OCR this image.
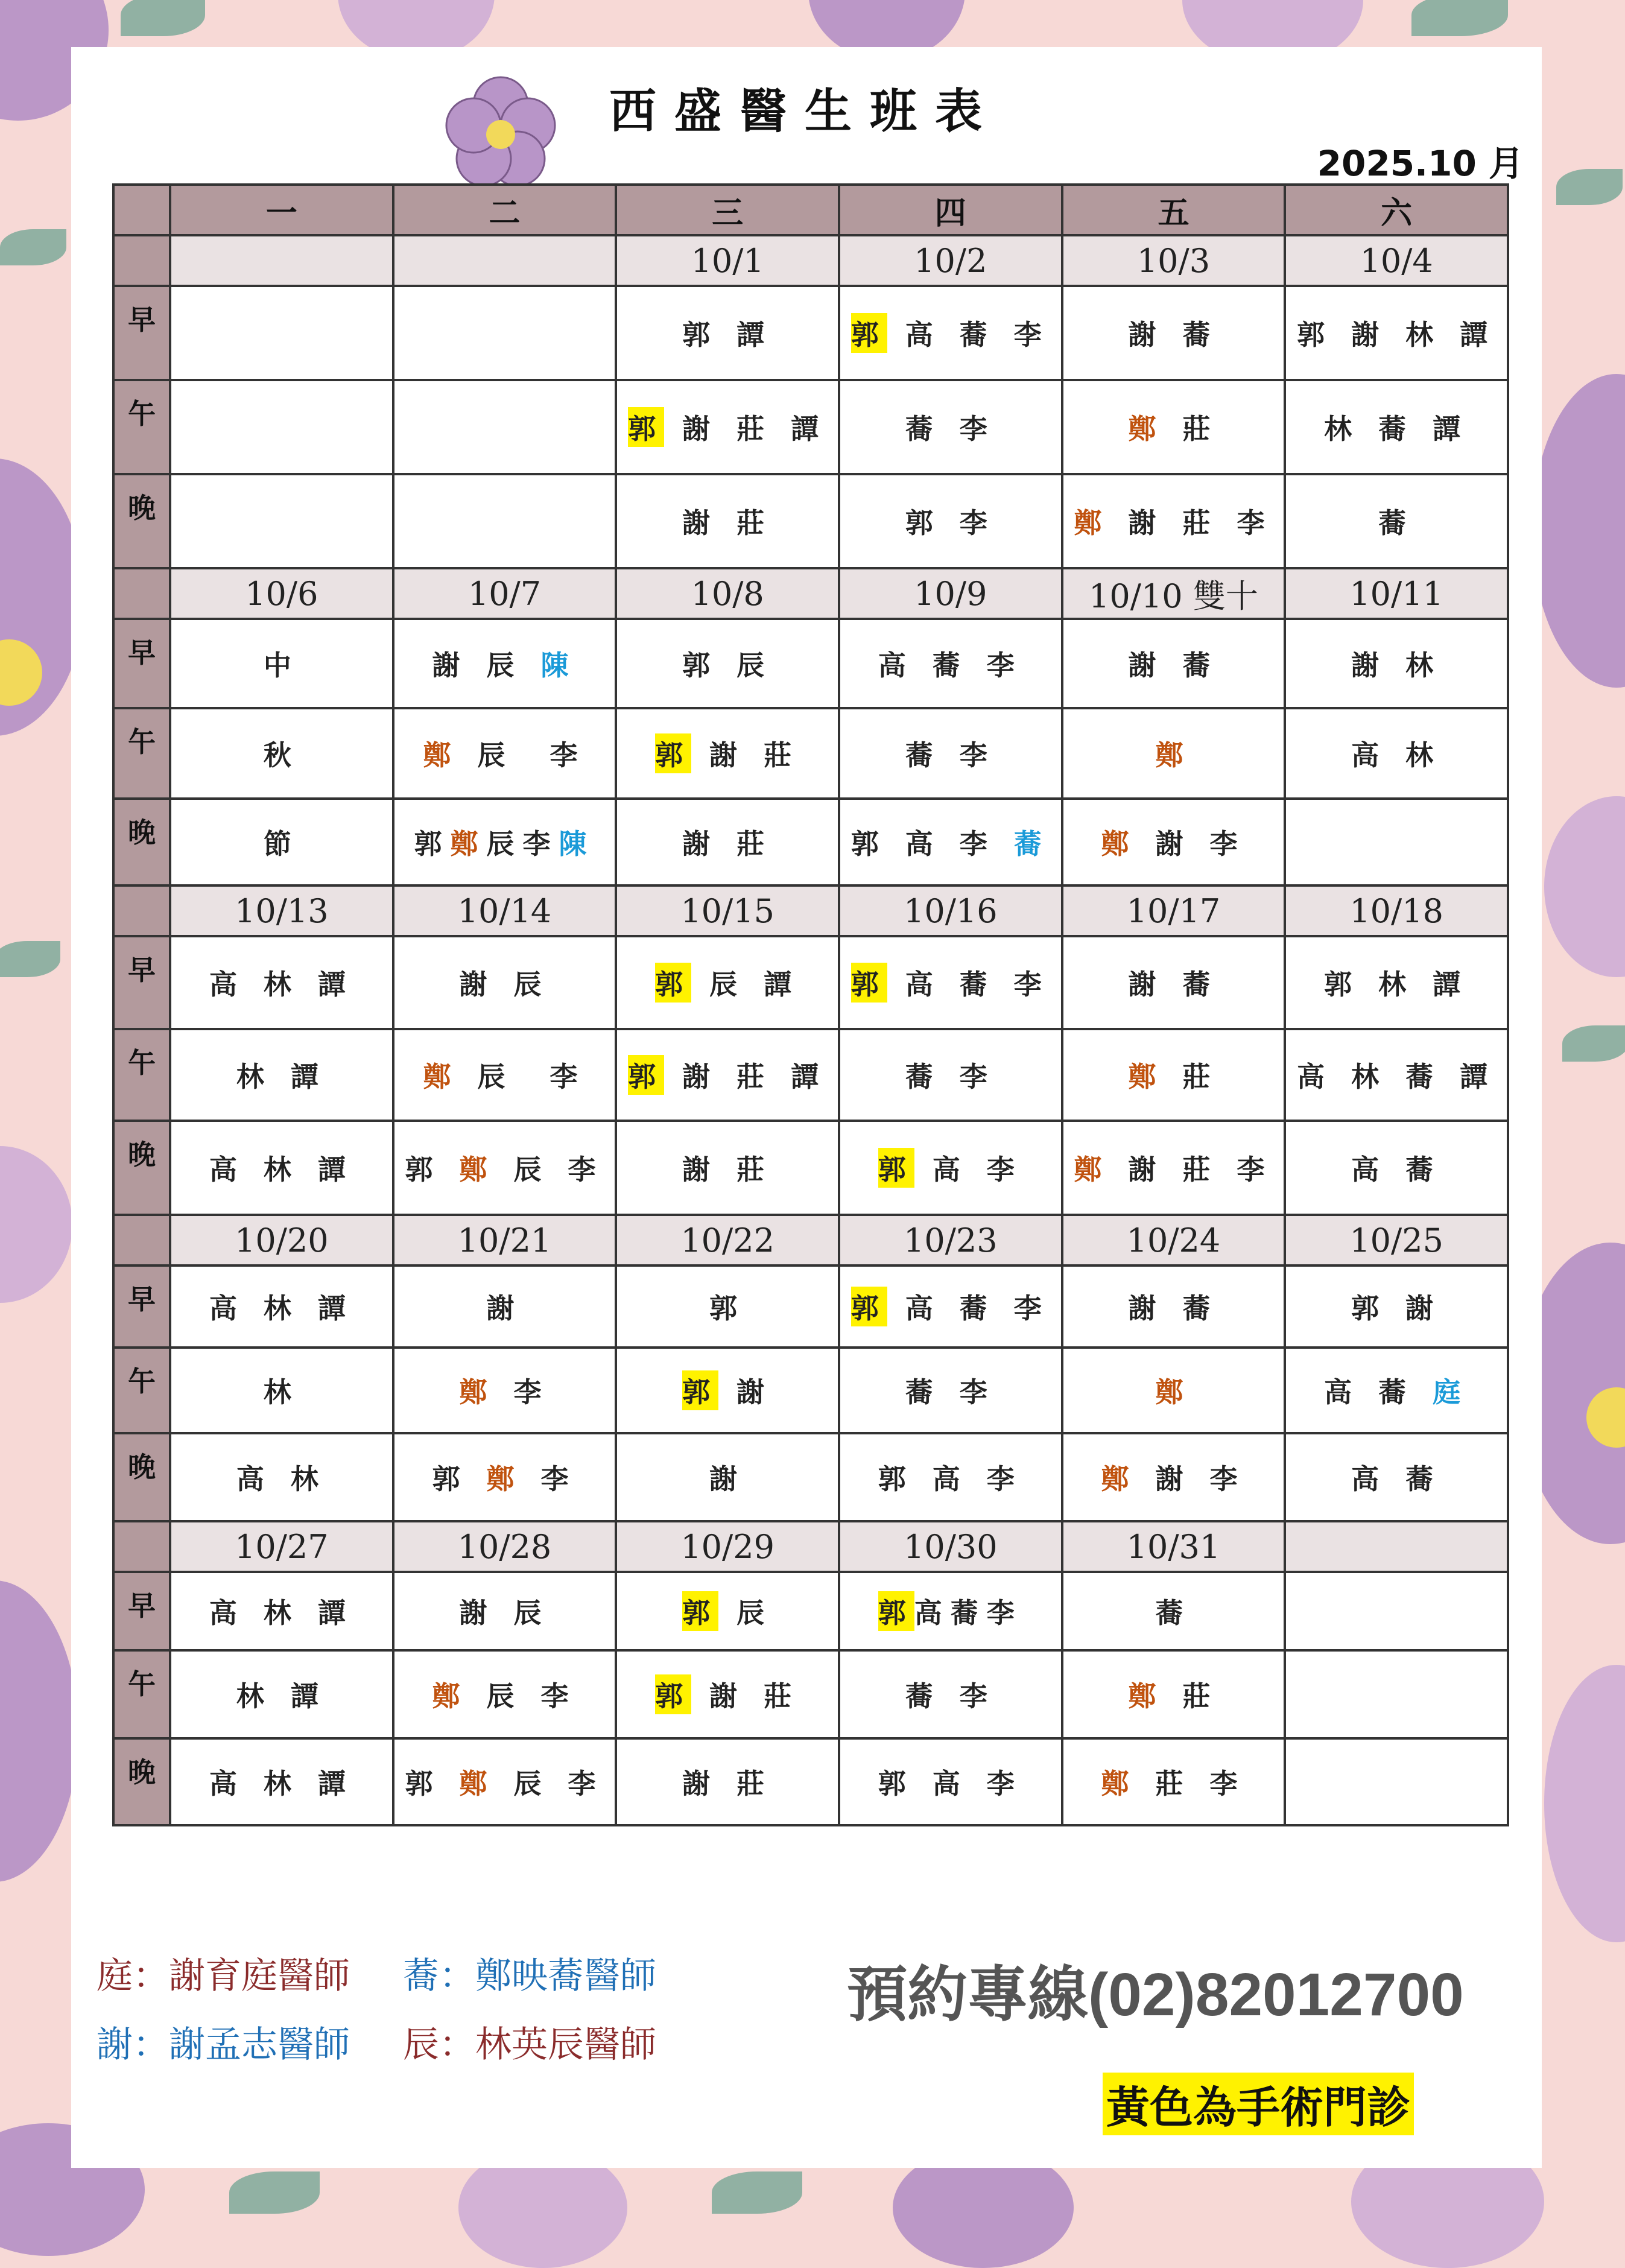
西盛醫生班表
2025.10 月
	一	二	三	四	五	六
			10/1	10/2	10/3	10/4
早			郭 譚	郭 高 蕎 李	謝 蕎	郭 謝 林 譚
午			郭 謝 莊 譚	蕎 李	鄭 莊	林 蕎 譚
晚			謝 莊	郭 李	鄭 謝 莊 李	蕎
	10/6	10/7	10/8	10/9	10/10 雙十	10/11
早	中	謝 辰 陳	郭 辰	高 蕎 李	謝 蕎	謝 林
午	秋	鄭 辰  李	郭 謝 莊	蕎 李	鄭	高 林
晚	節	郭鄭辰李陳	謝 莊	郭 高 李 蕎	鄭 謝 李	
	10/13	10/14	10/15	10/16	10/17	10/18
早	高 林 譚	謝 辰	郭 辰 譚	郭 高 蕎 李	謝 蕎	郭 林 譚
午	林 譚	鄭 辰  李	郭 謝 莊 譚	蕎 李	鄭 莊	高 林 蕎 譚
晚	高 林 譚	郭 鄭 辰 李	謝 莊	郭 高 李	鄭 謝 莊 李	高 蕎
	10/20	10/21	10/22	10/23	10/24	10/25
早	高 林 譚	謝	郭	郭 高 蕎 李	謝 蕎	郭 謝
午	林	鄭 李	郭 謝	蕎 李	鄭	高 蕎 庭
晚	高 林	郭 鄭 李	謝	郭 高 李	鄭 謝 李	高 蕎
	10/27	10/28	10/29	10/30	10/31	
早	高 林 譚	謝 辰	郭 辰	郭高蕎李	蕎	
午	林 譚	鄭 辰 李	郭 謝 莊	蕎 李	鄭 莊	
晚	高 林 譚	郭 鄭 辰 李	謝 莊	郭 高 李	鄭 莊 李	
庭：謝育庭醫師 蕎：鄭映蕎醫師
謝：謝孟志醫師 辰：林英辰醫師
預約專線(02)82012700
黃色為手術門診
